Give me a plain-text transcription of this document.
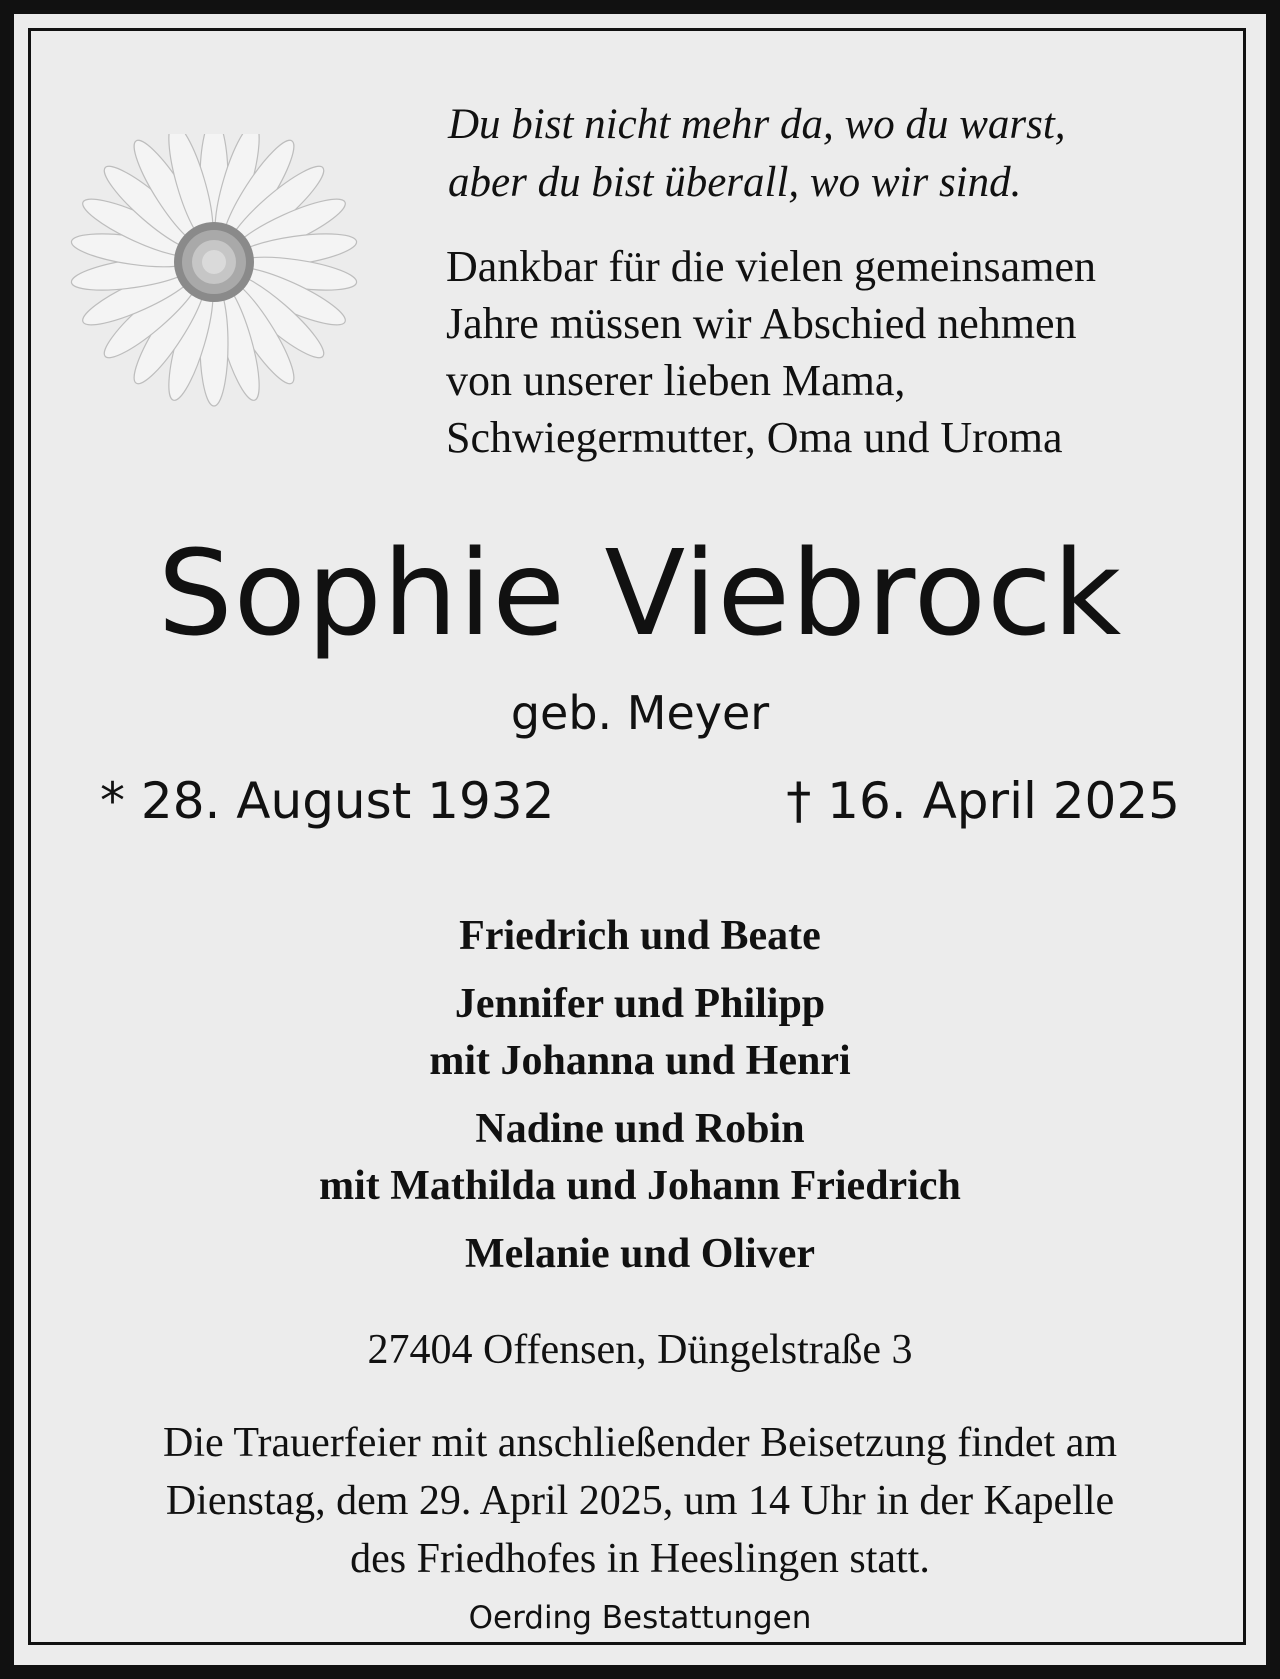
Du bist nicht mehr da, wo du warst,
aber du bist überall, wo wir sind.
Dankbar für die vielen gemeinsamen
Jahre müssen wir Abschied nehmen
von unserer lieben Mama,
Schwiegermutter, Oma und Uroma
Sophie Viebrock
geb. Meyer
* 28. August 1932	† 16. April 2025
Friedrich und Beate
Jennifer und Philipp
mit Johanna und Henri
Nadine und Robin
mit Mathilda und Johann Friedrich
Melanie und Oliver
27404 Offensen, Düngelstraße 3
Die Trauerfeier mit anschließender Beisetzung findet am
Dienstag, dem 29. April 2025, um 14 Uhr in der Kapelle
des Friedhofes in Heeslingen statt.
Oerding Bestattungen
